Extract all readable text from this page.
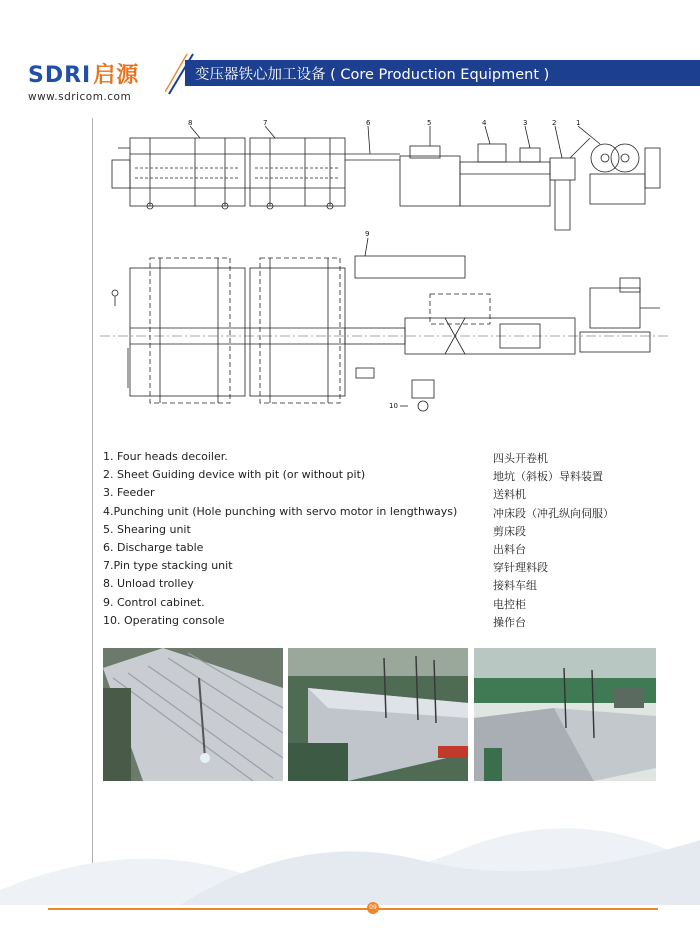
SDRI启源
www.sdricom.com
变压器铁心加工设备 ( Core Production Equipment )
8	7	6	5	4	3	2	1
9
10
1. Four heads decoiler.	四头开卷机
2. Sheet Guiding device with pit (or without pit)	地坑（斜板）导料装置
3. Feeder	送料机
4.Punching unit (Hole punching with servo motor in lengthways)	冲床段（冲孔纵向伺服）
5. Shearing unit	剪床段
6. Discharge table	出料台
7.Pin type stacking unit	穿针理料段
8. Unload trolley	接料车组
9. Control cabinet.	电控柜
10. Operating console	操作台
09
